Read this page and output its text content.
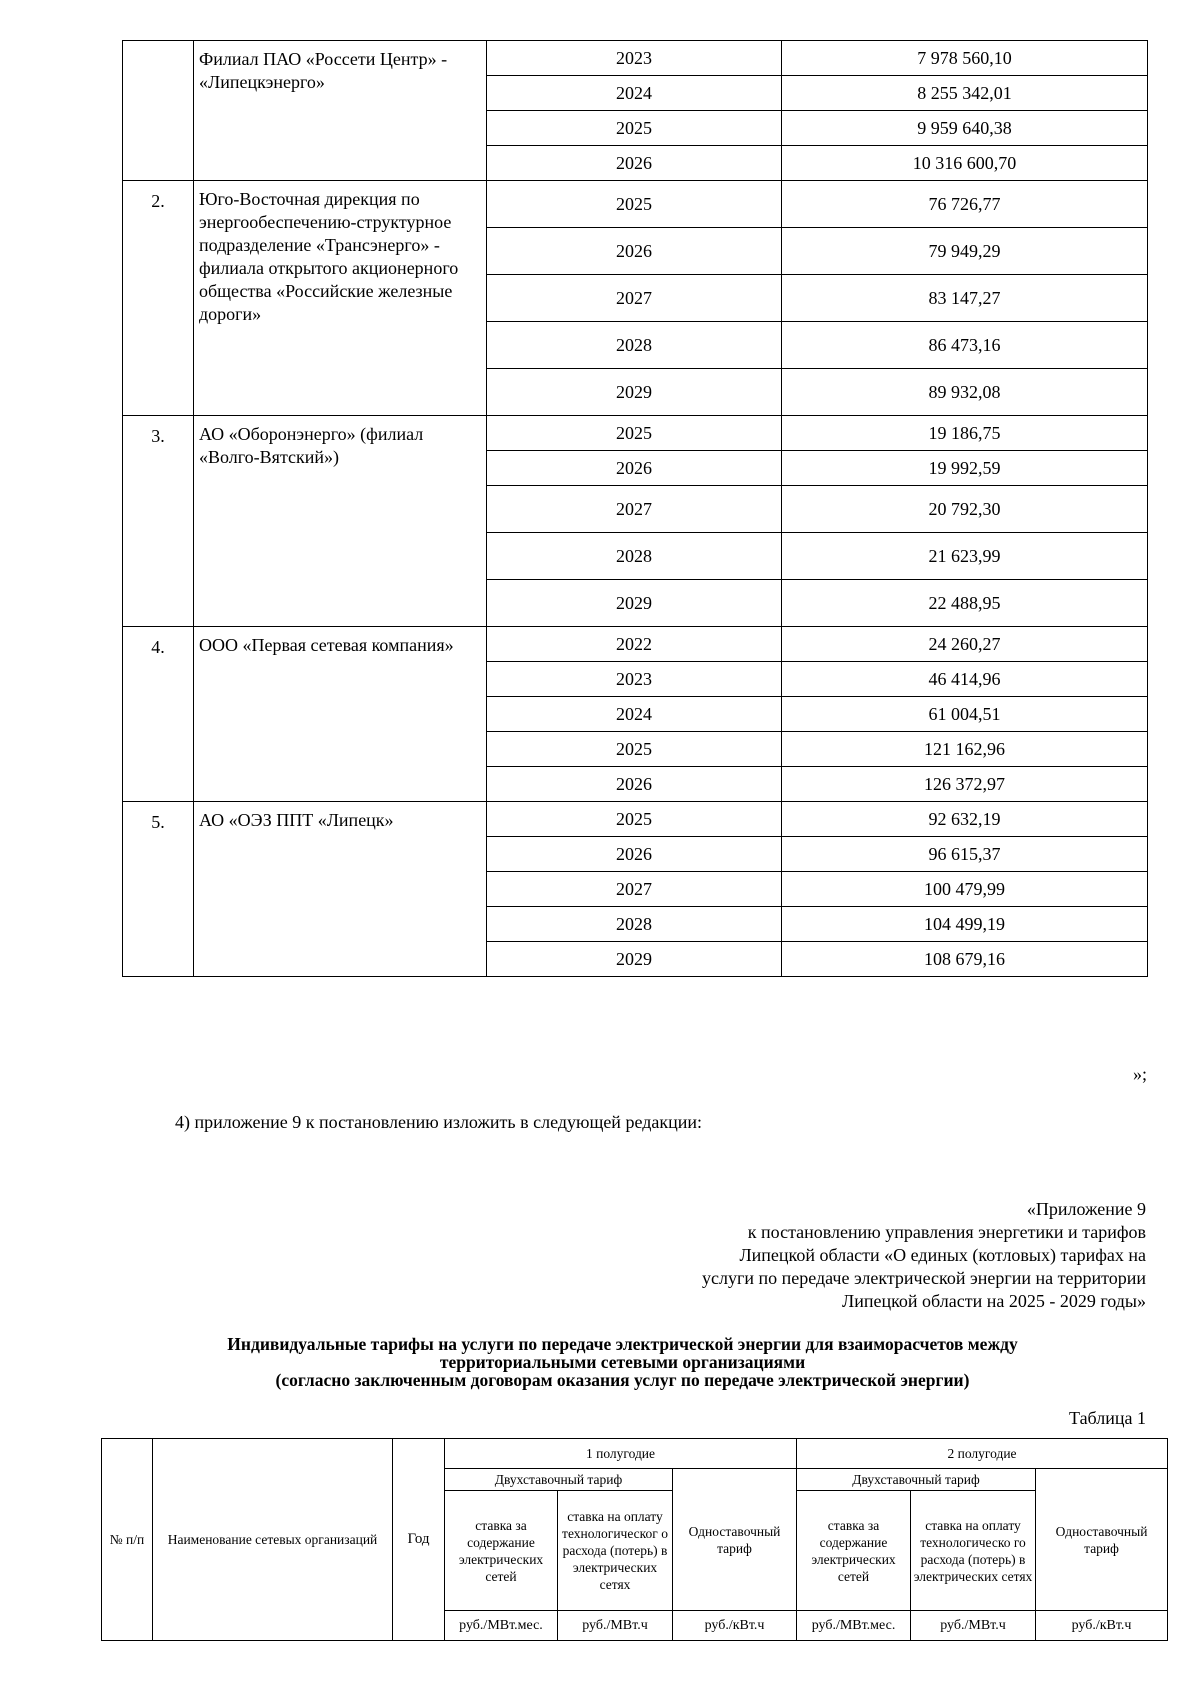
	Филиал ПАО «Россети Центр» - «Липецкэнерго»	2023	7 978 560,10
		2024	8 255 342,01
		2025	9 959 640,38
		2026	10 316 600,70
2.	Юго-Восточная дирекция по энергообеспечению-структурное подразделение «Трансэнерго» - филиала открытого акционерного общества «Российские железные дороги»	2025	76 726,77
		2026	79 949,29
		2027	83 147,27
		2028	86 473,16
		2029	89 932,08
3.	АО «Оборонэнерго» (филиал «Волго-Вятский»)	2025	19 186,75
		2026	19 992,59
		2027	20 792,30
		2028	21 623,99
		2029	22 488,95
4.	ООО «Первая сетевая компания»	2022	24 260,27
		2023	46 414,96
		2024	61 004,51
		2025	121 162,96
		2026	126 372,97
5.	АО «ОЭЗ ППТ «Липецк»	2025	92 632,19
		2026	96 615,37
		2027	100 479,99
		2028	104 499,19
		2029	108 679,16
»;
4) приложение 9 к постановлению изложить в следующей редакции:
«Приложение 9
к постановлению управления энергетики и тарифов
Липецкой области «О единых (котловых) тарифах на
услуги по передаче электрической энергии на территории
Липецкой области на 2025 - 2029 годы»
Индивидуальные тарифы на услуги по передаче электрической энергии для взаиморасчетов между
территориальными сетевыми организациями
(согласно заключенным договорам оказания услуг по передаче электрической энергии)
Таблица 1
№ п/п	Наименование сетевых организаций	Год	1 полугодие			2 полугодие		
			Двухставочный тариф		Одноставочный тариф	Двухставочный тариф		Одноставочный тариф
			ставка за содержание электрических сетей	ставка на оплату технологическог о расхода (потерь) в электрических сетях		ставка за содержание электрических сетей	ставка на оплату технологическо го расхода (потерь) в электрических сетях	
			руб./МВт.мес.	руб./МВт.ч	руб./кВт.ч	руб./МВт.мес.	руб./МВт.ч	руб./кВт.ч
